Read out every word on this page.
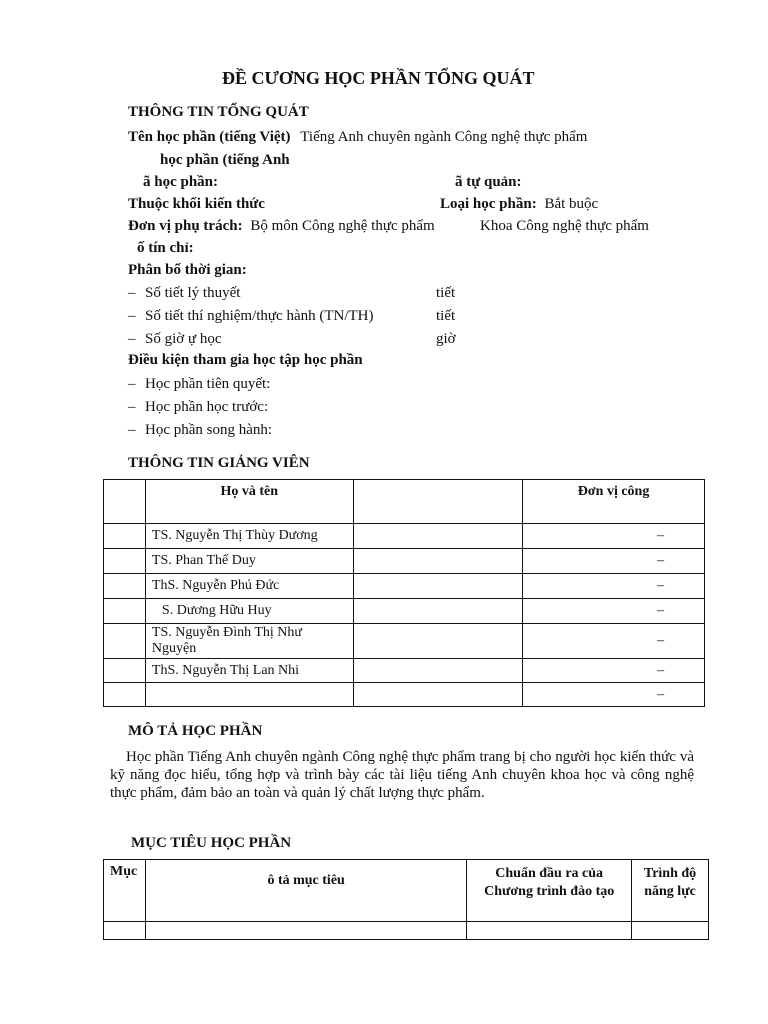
ĐỀ CƯƠNG HỌC PHẦN TỔNG QUÁT
THÔNG TIN TỔNG QUÁT
Tên học phần (tiếng Việt) Tiếng Anh chuyên ngành Công nghệ thực phẩm
học phần (tiếng Anh
ã học phần:	ã tự quản:
Thuộc khối kiến thức	Loại học phần: Bắt buộc
Đơn vị phụ trách: Bộ môn Công nghệ thực phẩm	Khoa Công nghệ thực phẩm
ố tín chỉ:
Phân bố thời gian:
– Số tiết lý thuyết	tiết
– Số tiết thí nghiệm/thực hành (TN/TH)	tiết
– Số giờ ự học	giờ
Điều kiện tham gia học tập học phần
– Học phần tiên quyết:
– Học phần học trước:
– Học phần song hành:
THÔNG TIN GIẢNG VIÊN
	Họ và tên		Đơn vị công
	TS. Nguyễn Thị Thùy Dương		–
	TS. Phan Thế Duy		–
	ThS. Nguyễn Phú Đức		–
	S. Dương Hữu Huy		–
	TS. Nguyễn Đình Thị Như Nguyện		–
	ThS. Nguyễn Thị Lan Nhi		–
			–
MÔ TẢ HỌC PHẦN
Học phần Tiếng Anh chuyên ngành Công nghệ thực phẩm trang bị cho người học kiến thức và kỹ năng đọc hiểu, tổng hợp và trình bày các tài liệu tiếng Anh chuyên khoa học và công nghệ thực phẩm, đảm bảo an toàn và quản lý chất lượng thực phẩm.
MỤC TIÊU HỌC PHẦN
Mục	ô tả mục tiêu	Chuẩn đầu ra của Chương trình đào tạo	Trình độ năng lực
